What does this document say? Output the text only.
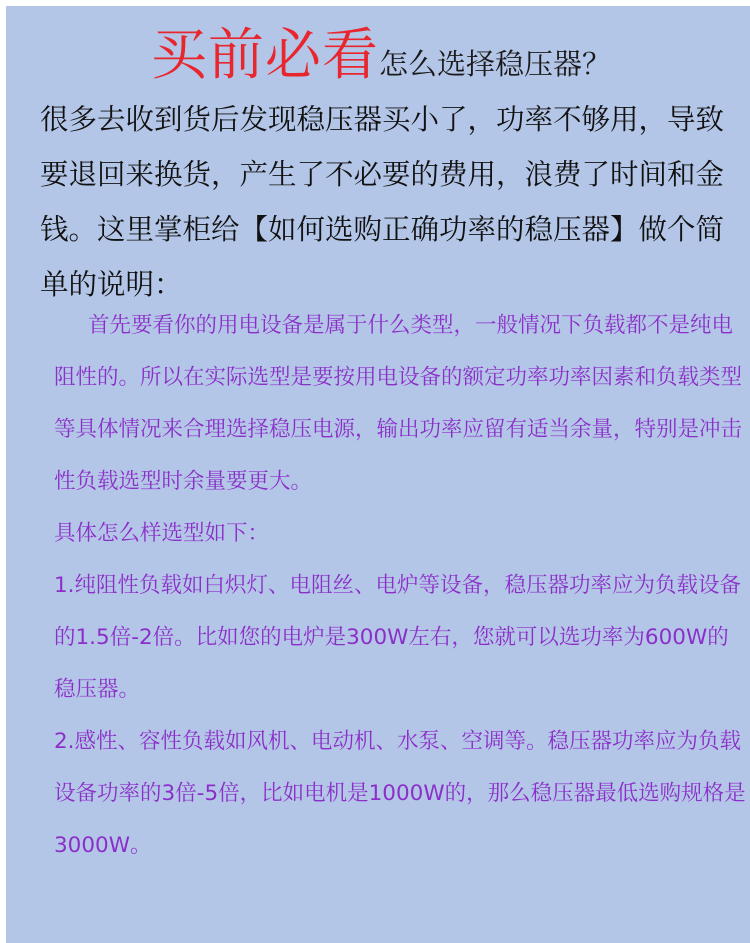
买前必看怎么选择稳压器？
很多去收到货后发现稳压器买小了，功率不够用，导致要退回来换货，产生了不必要的费用，浪费了时间和金钱。这里掌柜给【如何选购正确功率的稳压器】做个简单的说明：

首先要看你的用电设备是属于什么类型，一般情况下负载都不是纯电阻性的。所以在实际选型是要按用电设备的额定功率功率因素和负载类型等具体情况来合理选择稳压电源，输出功率应留有适当余量，特别是冲击性负载选型时余量要更大。

具体怎么样选型如下：

1.纯阻性负载如白炽灯、电阻丝、电炉等设备，稳压器功率应为负载设备的1.5倍-2倍。比如您的电炉是300W左右，您就可以选功率为600W的稳压器。

2.感性、容性负载如风机、电动机、水泵、空调等。稳压器功率应为负载设备功率的3倍-5倍，比如电机是1000W的，那么稳压器最低选购规格是3000W。
